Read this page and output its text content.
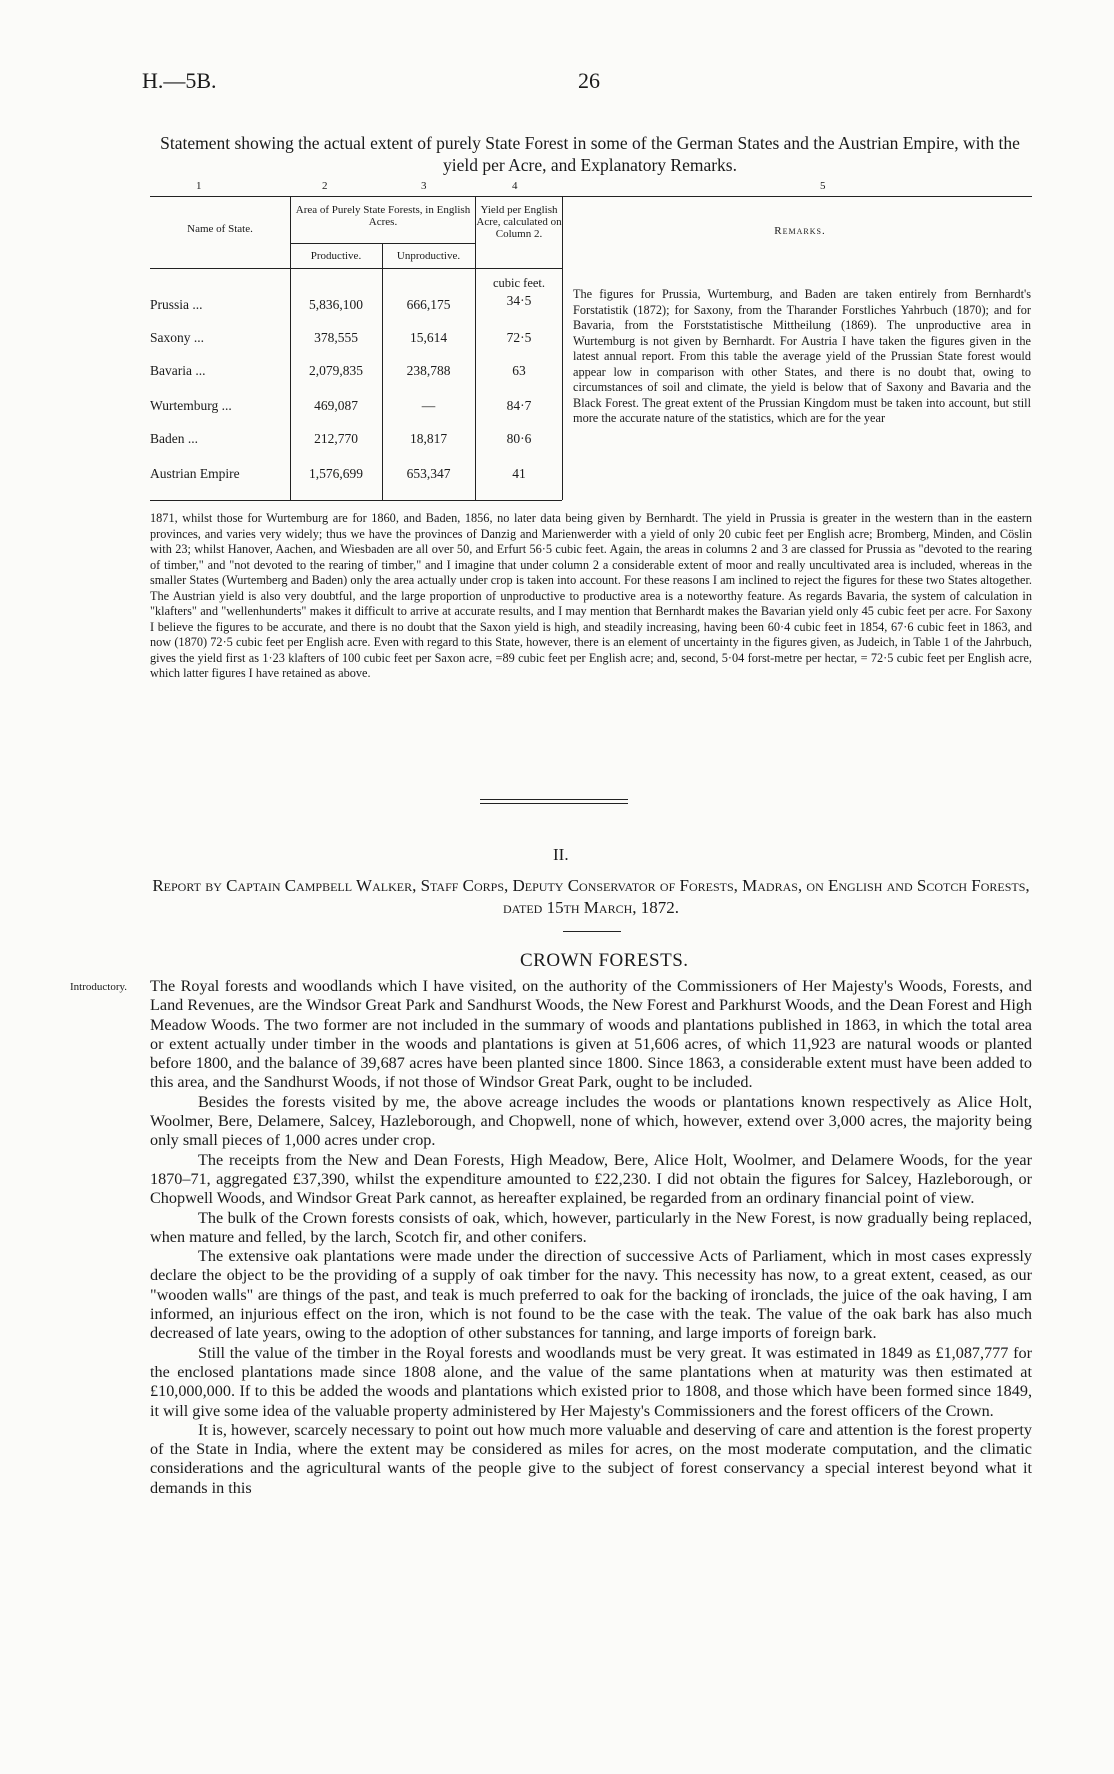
H.—5B.	26
Statement showing the actual extent of purely State Forest in some of the German States and the Austrian Empire, with the yield per Acre, and Explanatory Remarks.
1	2	3	4	5
Name of State.
Area of Purely State Forests, in English Acres.
Productive.	Unproductive.
Yield per English Acre, calculated on Column 2.	Remarks.
cubic feet.
Prussia ...	5,836,100	666,175	34·5
Saxony ...	378,555	15,614	72·5
Bavaria ...	2,079,835	238,788	63
Wurtemburg ...	469,087	—	84·7
Baden ...	212,770	18,817	80·6
Austrian Empire	1,576,699	653,347	41
The figures for Prussia, Wurtemburg, and Baden are taken entirely from Bernhardt's Forstatistik (1872); for Saxony, from the Tharander Forstliches Yahrbuch (1870); and for Bavaria, from the Forststatistische Mittheilung (1869). The unproductive area in Wurtemburg is not given by Bernhardt. For Austria I have taken the figures given in the latest annual report. From this table the average yield of the Prussian State forest would appear low in comparison with other States, and there is no doubt that, owing to circumstances of soil and climate, the yield is below that of Saxony and Bavaria and the Black Forest. The great extent of the Prussian Kingdom must be taken into account, but still more the accurate nature of the statistics, which are for the year
1871, whilst those for Wurtemburg are for 1860, and Baden, 1856, no later data being given by Bernhardt. The yield in Prussia is greater in the western than in the eastern provinces, and varies very widely; thus we have the provinces of Danzig and Marienwerder with a yield of only 20 cubic feet per English acre; Bromberg, Minden, and Cöslin with 23; whilst Hanover, Aachen, and Wiesbaden are all over 50, and Erfurt 56·5 cubic feet. Again, the areas in columns 2 and 3 are classed for Prussia as "devoted to the rearing of timber," and "not devoted to the rearing of timber," and I imagine that under column 2 a considerable extent of moor and really uncultivated area is included, whereas in the smaller States (Wurtemberg and Baden) only the area actually under crop is taken into account. For these reasons I am inclined to reject the figures for these two States altogether. The Austrian yield is also very doubtful, and the large proportion of unproductive to productive area is a noteworthy feature. As regards Bavaria, the system of calculation in "klafters" and "wellenhunderts" makes it difficult to arrive at accurate results, and I may mention that Bernhardt makes the Bavarian yield only 45 cubic feet per acre. For Saxony I believe the figures to be accurate, and there is no doubt that the Saxon yield is high, and steadily increasing, having been 60·4 cubic feet in 1854, 67·6 cubic feet in 1863, and now (1870) 72·5 cubic feet per English acre. Even with regard to this State, however, there is an element of uncertainty in the figures given, as Judeich, in Table 1 of the Jahrbuch, gives the yield first as 1·23 klafters of 100 cubic feet per Saxon acre, =89 cubic feet per English acre; and, second, 5·04 forst-metre per hectar, = 72·5 cubic feet per English acre, which latter figures I have retained as above.
II.
Report by Captain Campbell Walker, Staff Corps, Deputy Conservator of Forests, Madras, on English and Scotch Forests, dated 15th March, 1872.
CROWN FORESTS.
Introductory. The Royal forests and woodlands which I have visited, on the authority of the Commissioners of Her Majesty's Woods, Forests, and Land Revenues, are the Windsor Great Park and Sandhurst Woods, the New Forest and Parkhurst Woods, and the Dean Forest and High Meadow Woods. The two former are not included in the summary of woods and plantations published in 1863, in which the total area or extent actually under timber in the woods and plantations is given at 51,606 acres, of which 11,923 are natural woods or planted before 1800, and the balance of 39,687 acres have been planted since 1800. Since 1863, a considerable extent must have been added to this area, and the Sandhurst Woods, if not those of Windsor Great Park, ought to be included.

Besides the forests visited by me, the above acreage includes the woods or plantations known respectively as Alice Holt, Woolmer, Bere, Delamere, Salcey, Hazleborough, and Chopwell, none of which, however, extend over 3,000 acres, the majority being only small pieces of 1,000 acres under crop.

The receipts from the New and Dean Forests, High Meadow, Bere, Alice Holt, Woolmer, and Delamere Woods, for the year 1870–71, aggregated £37,390, whilst the expenditure amounted to £22,230. I did not obtain the figures for Salcey, Hazleborough, or Chopwell Woods, and Windsor Great Park cannot, as hereafter explained, be regarded from an ordinary financial point of view.

The bulk of the Crown forests consists of oak, which, however, particularly in the New Forest, is now gradually being replaced, when mature and felled, by the larch, Scotch fir, and other conifers.

The extensive oak plantations were made under the direction of successive Acts of Parliament, which in most cases expressly declare the object to be the providing of a supply of oak timber for the navy. This necessity has now, to a great extent, ceased, as our "wooden walls" are things of the past, and teak is much preferred to oak for the backing of ironclads, the juice of the oak having, I am informed, an injurious effect on the iron, which is not found to be the case with the teak. The value of the oak bark has also much decreased of late years, owing to the adoption of other substances for tanning, and large imports of foreign bark.

Still the value of the timber in the Royal forests and woodlands must be very great. It was estimated in 1849 as £1,087,777 for the enclosed plantations made since 1808 alone, and the value of the same plantations when at maturity was then estimated at £10,000,000. If to this be added the woods and plantations which existed prior to 1808, and those which have been formed since 1849, it will give some idea of the valuable property administered by Her Majesty's Commissioners and the forest officers of the Crown.

It is, however, scarcely necessary to point out how much more valuable and deserving of care and attention is the forest property of the State in India, where the extent may be considered as miles for acres, on the most moderate computation, and the climatic considerations and the agricultural wants of the people give to the subject of forest conservancy a special interest beyond what it demands in this
